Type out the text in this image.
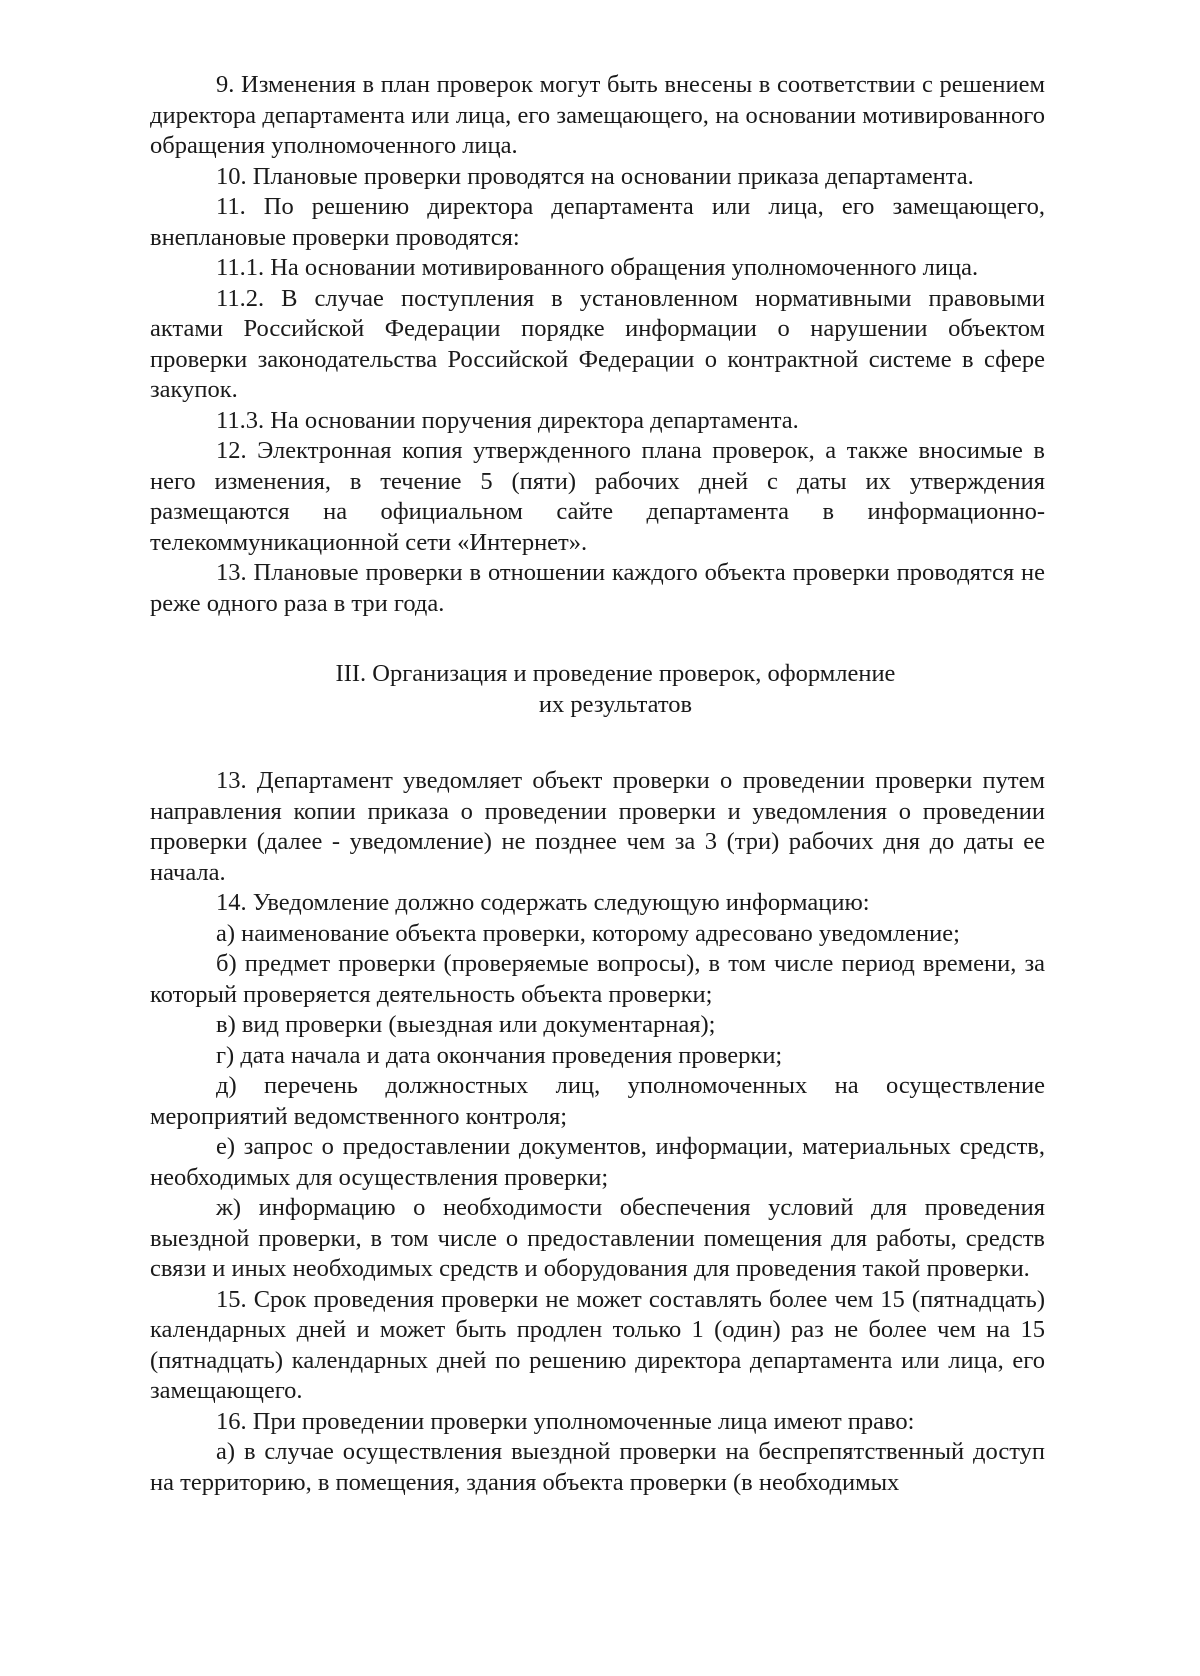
9. Изменения в план проверок могут быть внесены в соответствии с решением директора департамента или лица, его замещающего, на основании мотивированного обращения уполномоченного лица.

10. Плановые проверки проводятся на основании приказа департамента.

11. По решению директора департамента или лица, его замещающего, внеплановые проверки проводятся:

11.1. На основании мотивированного обращения уполномоченного лица.

11.2. В случае поступления в установленном нормативными правовыми актами Российской Федерации порядке информации о нарушении объектом проверки законодательства Российской Федерации о контрактной системе в сфере закупок.

11.3. На основании поручения директора департамента.

12. Электронная копия утвержденного плана проверок, а также вносимые в него изменения, в течение 5 (пяти) рабочих дней с даты их утверждения размещаются на официальном сайте департамента в информационно-телекоммуникационной сети «Интернет».

13. Плановые проверки в отношении каждого объекта проверки проводятся не реже одного раза в три года.

III. Организация и проведение проверок, оформление
их результатов

13. Департамент уведомляет объект проверки о проведении проверки путем направления копии приказа о проведении проверки и уведомления о проведении проверки (далее - уведомление) не позднее чем за 3 (три) рабочих дня до даты ее начала.

14. Уведомление должно содержать следующую информацию:

а) наименование объекта проверки, которому адресовано уведомление;

б) предмет проверки (проверяемые вопросы), в том числе период времени, за который проверяется деятельность объекта проверки;

в) вид проверки (выездная или документарная);

г) дата начала и дата окончания проведения проверки;

д) перечень должностных лиц, уполномоченных на осуществление мероприятий ведомственного контроля;

е) запрос о предоставлении документов, информации, материальных средств, необходимых для осуществления проверки;

ж) информацию о необходимости обеспечения условий для проведения выездной проверки, в том числе о предоставлении помещения для работы, средств связи и иных необходимых средств и оборудования для проведения такой проверки.

15. Срок проведения проверки не может составлять более чем 15 (пятнадцать) календарных дней и может быть продлен только 1 (один) раз не более чем на 15 (пятнадцать) календарных дней по решению директора департамента или лица, его замещающего.

16. При проведении проверки уполномоченные лица имеют право:

а) в случае осуществления выездной проверки на беспрепятственный доступ на территорию, в помещения, здания объекта проверки (в необходимых
